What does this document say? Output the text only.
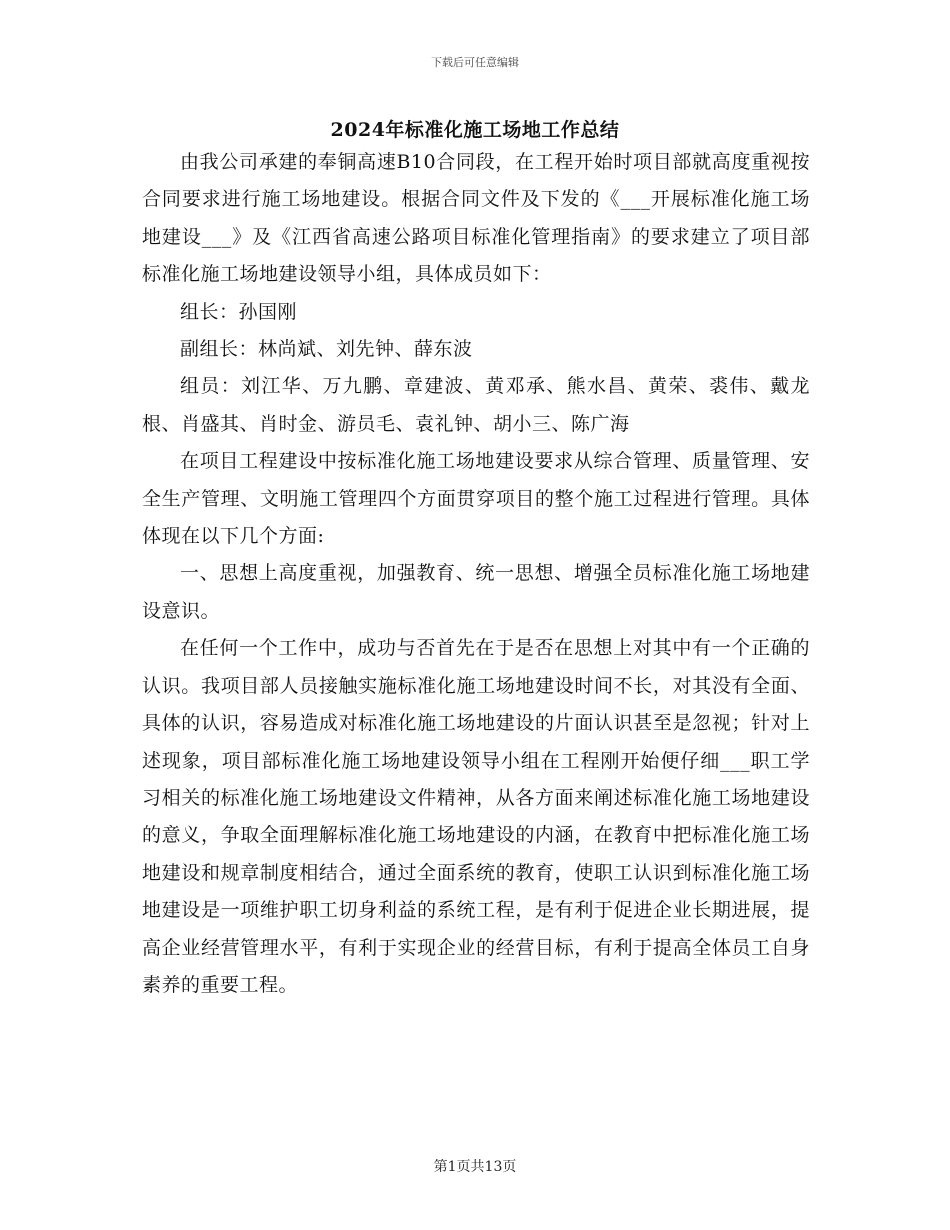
下载后可任意编辑
2024年标准化施工场地工作总结

由我公司承建的奉铜高速B10合同段，在工程开始时项目部就高度重视按合同要求进行施工场地建设。根据合同文件及下发的《___开展标准化施工场地建设___》及《江西省高速公路项目标准化管理指南》的要求建立了项目部标准化施工场地建设领导小组，具体成员如下：

组长：孙国刚

副组长：林尚斌、刘先钟、薛东波

组员：刘江华、万九鹏、章建波、黄邓承、熊水昌、黄荣、裘伟、戴龙根、肖盛其、肖时金、游员毛、袁礼钟、胡小三、陈广海

在项目工程建设中按标准化施工场地建设要求从综合管理、质量管理、安全生产管理、文明施工管理四个方面贯穿项目的整个施工过程进行管理。具体体现在以下几个方面:

一、思想上高度重视，加强教育、统一思想、增强全员标准化施工场地建设意识。

在任何一个工作中，成功与否首先在于是否在思想上对其中有一个正确的认识。我项目部人员接触实施标准化施工场地建设时间不长，对其没有全面、具体的认识，容易造成对标准化施工场地建设的片面认识甚至是忽视；针对上述现象，项目部标准化施工场地建设领导小组在工程刚开始便仔细___职工学习相关的标准化施工场地建设文件精神，从各方面来阐述标准化施工场地建设的意义，争取全面理解标准化施工场地建设的内涵，在教育中把标准化施工场地建设和规章制度相结合，通过全面系统的教育，使职工认识到标准化施工场地建设是一项维护职工切身利益的系统工程，是有利于促进企业长期进展，提高企业经营管理水平，有利于实现企业的经营目标，有利于提高全体员工自身素养的重要工程。

第1页共13页
